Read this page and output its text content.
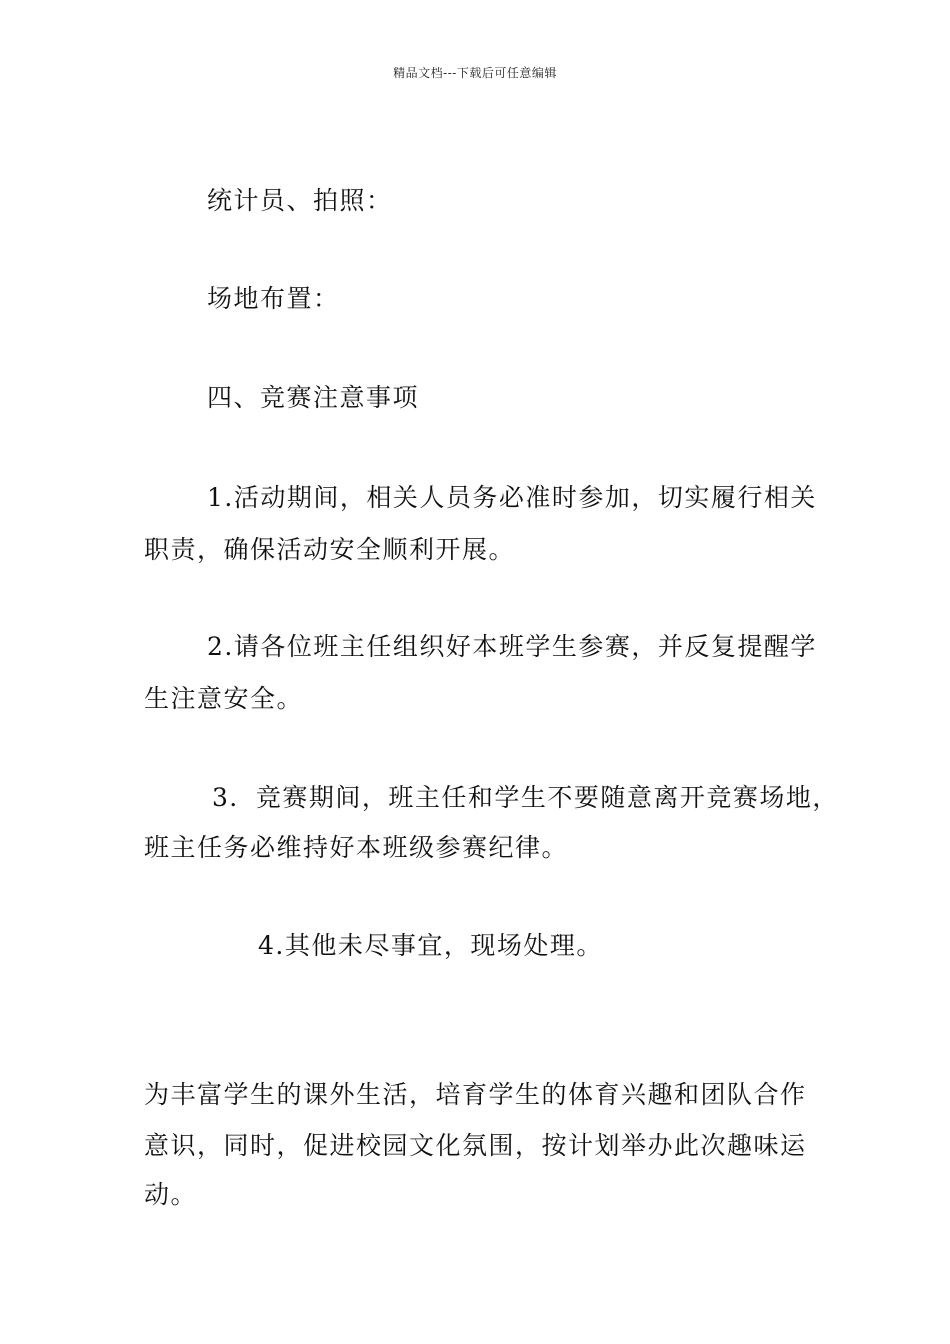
精品文档---下载后可任意编辑
统计员、拍照：
场地布置：
四、竞赛注意事项
1.活动期间，相关人员务必准时参加，切实履行相关
职责，确保活动安全顺利开展。
2.请各位班主任组织好本班学生参赛，并反复提醒学
生注意安全。
3．竞赛期间，班主任和学生不要随意离开竞赛场地，
班主任务必维持好本班级参赛纪律。
4.其他未尽事宜，现场处理。
为丰富学生的课外生活，培育学生的体育兴趣和团队合作
意识，同时，促进校园文化氛围，按计划举办此次趣味运
动。
